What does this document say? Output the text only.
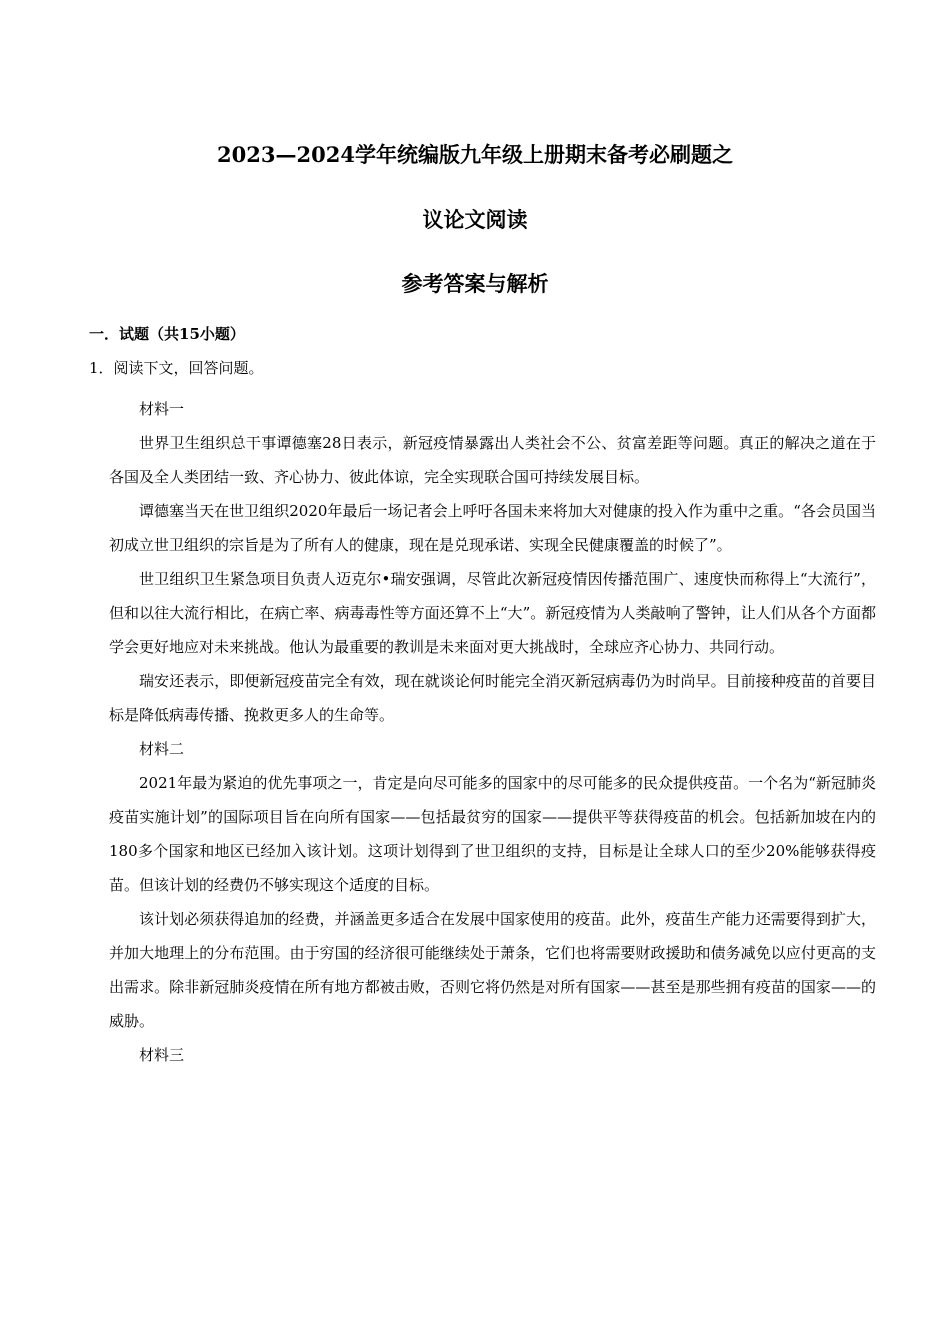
2023—2024学年统编版九年级上册期末备考必刷题之
议论文阅读
参考答案与解析
一．试题（共15小题）
1．阅读下文，回答问题。

材料一

世界卫生组织总干事谭德塞28日表示，新冠疫情暴露出人类社会不公、贫富差距等问题。真正的解决之道在于各国及全人类团结一致、齐心协力、彼此体谅，完全实现联合国可持续发展目标。

谭德塞当天在世卫组织2020年最后一场记者会上呼吁各国未来将加大对健康的投入作为重中之重。“各会员国当初成立世卫组织的宗旨是为了所有人的健康，现在是兑现承诺、实现全民健康覆盖的时候了”。

世卫组织卫生紧急项目负责人迈克尔•瑞安强调，尽管此次新冠疫情因传播范围广、速度快而称得上“大流行”，但和以往大流行相比，在病亡率、病毒毒性等方面还算不上“大”。新冠疫情为人类敲响了警钟，让人们从各个方面都学会更好地应对未来挑战。他认为最重要的教训是未来面对更大挑战时，全球应齐心协力、共同行动。

瑞安还表示，即便新冠疫苗完全有效，现在就谈论何时能完全消灭新冠病毒仍为时尚早。目前接种疫苗的首要目标是降低病毒传播、挽救更多人的生命等。

材料二

2021年最为紧迫的优先事项之一，肯定是向尽可能多的国家中的尽可能多的民众提供疫苗。一个名为“新冠肺炎疫苗实施计划”的国际项目旨在向所有国家——包括最贫穷的国家——提供平等获得疫苗的机会。包括新加坡在内的180多个国家和地区已经加入该计划。这项计划得到了世卫组织的支持，目标是让全球人口的至少20%能够获得疫苗。但该计划的经费仍不够实现这个适度的目标。

该计划必须获得追加的经费，并涵盖更多适合在发展中国家使用的疫苗。此外，疫苗生产能力还需要得到扩大，并加大地理上的分布范围。由于穷国的经济很可能继续处于萧条，它们也将需要财政援助和债务减免以应付更高的支出需求。除非新冠肺炎疫情在所有地方都被击败，否则它将仍然是对所有国家——甚至是那些拥有疫苗的国家——的威胁。

材料三
